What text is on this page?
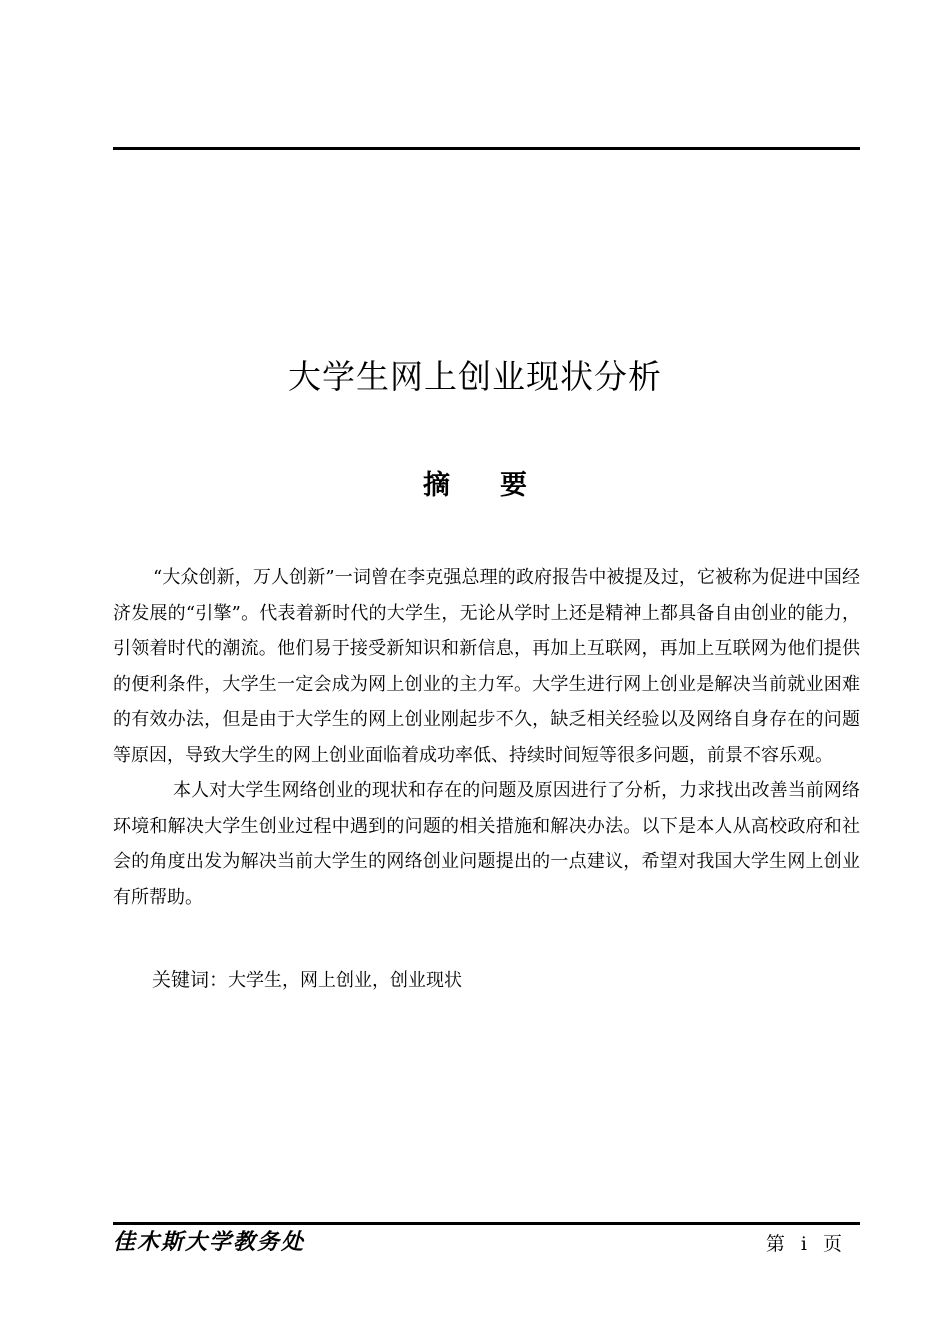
大学生网上创业现状分析
摘要

“大众创新，万人创新”一词曾在李克强总理的政府报告中被提及过，它被称为促进中国经济发展的“引擎”。代表着新时代的大学生，无论从学时上还是精神上都具备自由创业的能力，引领着时代的潮流。他们易于接受新知识和新信息，再加上互联网，再加上互联网为他们提供的便利条件，大学生一定会成为网上创业的主力军。大学生进行网上创业是解决当前就业困难的有效办法，但是由于大学生的网上创业刚起步不久，缺乏相关经验以及网络自身存在的问题等原因，导致大学生的网上创业面临着成功率低、持续时间短等很多问题，前景不容乐观。

本人对大学生网络创业的现状和存在的问题及原因进行了分析，力求找出改善当前网络环境和解决大学生创业过程中遇到的问题的相关措施和解决办法。以下是本人从高校政府和社会的角度出发为解决当前大学生的网络创业问题提出的一点建议，希望对我国大学生网上创业有所帮助。

关键词：大学生，网上创业，创业现状
佳木斯大学教务处	第 i 页
